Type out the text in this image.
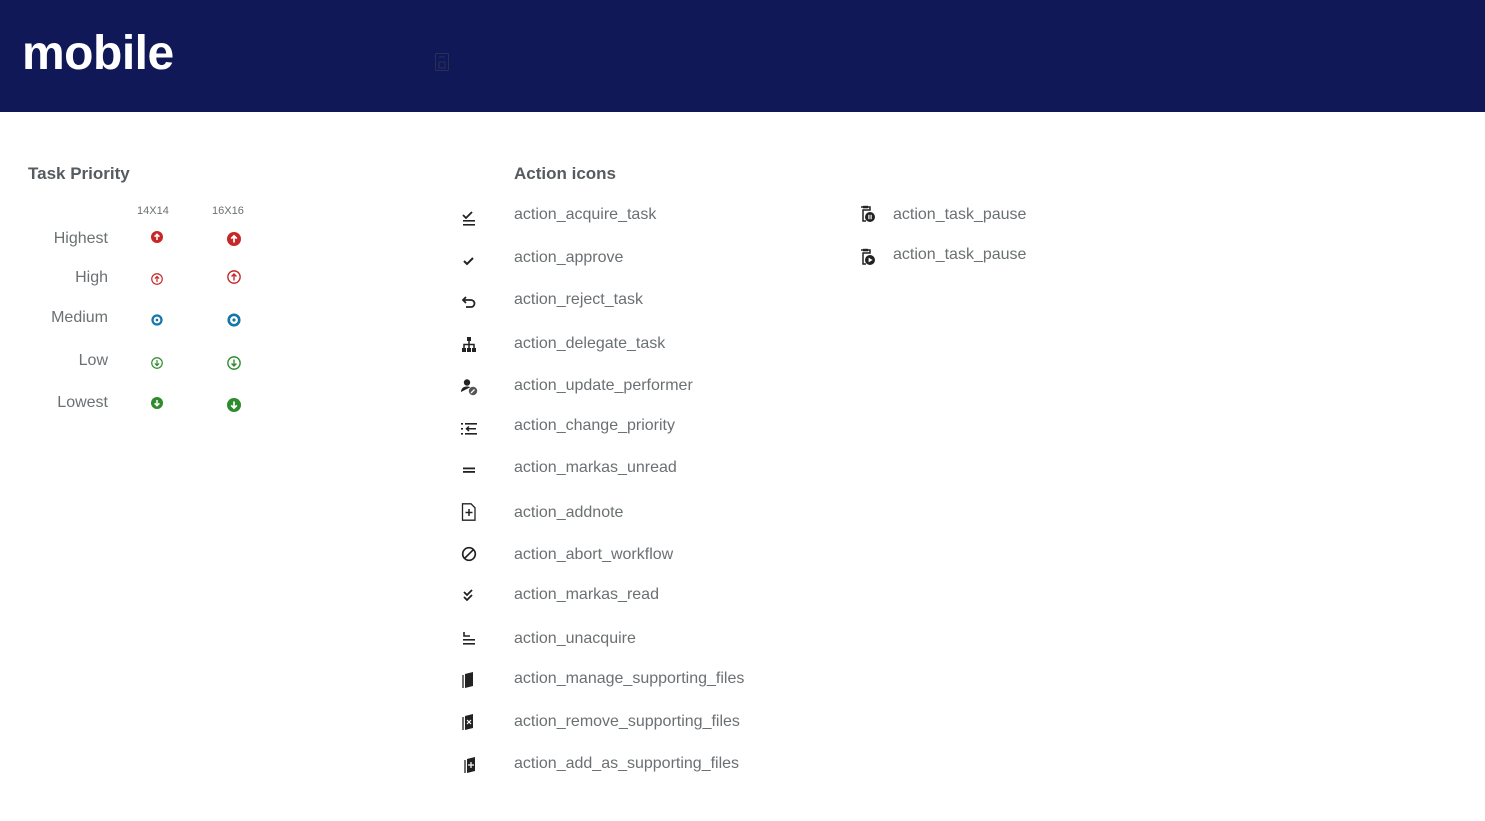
mobile
Task Priority
14X14	16X16
Highest
High
Medium
Low
Lowest
Action icons
action_acquire_task
action_approve
action_reject_task
action_delegate_task
action_update_performer
action_change_priority
action_markas_unread
action_addnote
action_abort_workflow
action_markas_read
action_unacquire
action_manage_supporting_files
action_remove_supporting_files
action_add_as_supporting_files
action_task_pause
action_task_pause
